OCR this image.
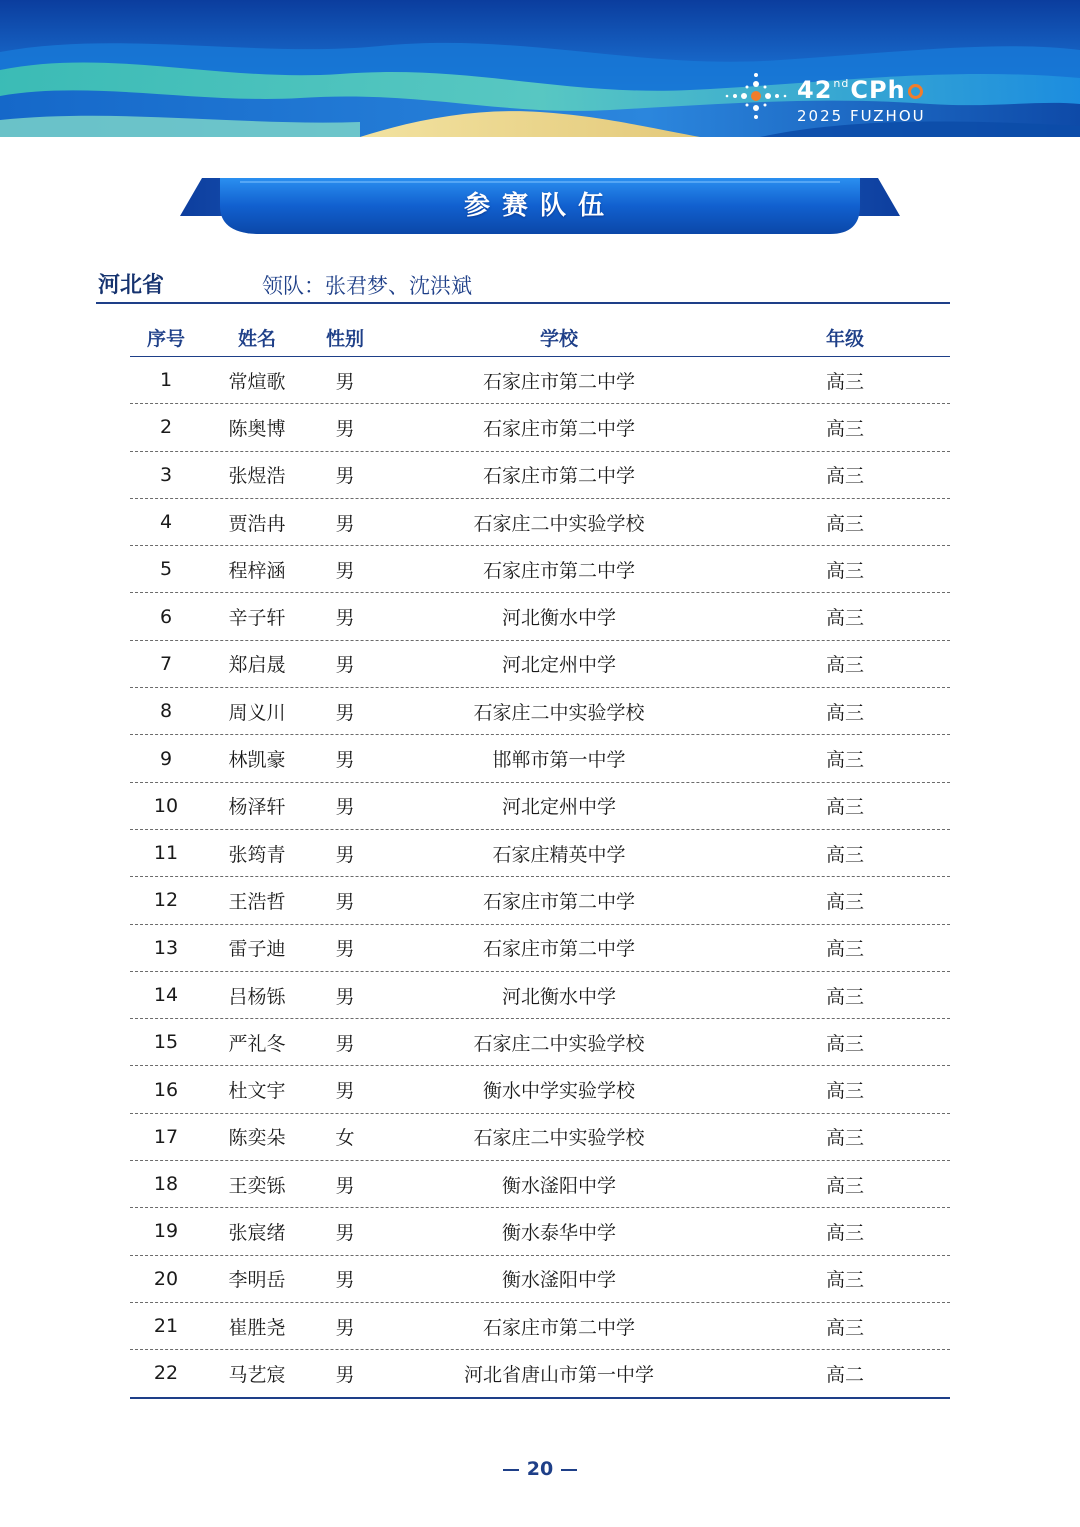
42ndCPh
2025 FUZHOU
参赛队伍
河北省	领队：张君梦、沈洪斌
序号	姓名	性别	学校	年级
1	常煊歌	男	石家庄市第二中学	高三
2	陈奥博	男	石家庄市第二中学	高三
3	张煜浩	男	石家庄市第二中学	高三
4	贾浩冉	男	石家庄二中实验学校	高三
5	程梓涵	男	石家庄市第二中学	高三
6	辛子轩	男	河北衡水中学	高三
7	郑启晟	男	河北定州中学	高三
8	周义川	男	石家庄二中实验学校	高三
9	林凯豪	男	邯郸市第一中学	高三
10	杨泽轩	男	河北定州中学	高三
11	张筠青	男	石家庄精英中学	高三
12	王浩哲	男	石家庄市第二中学	高三
13	雷子迪	男	石家庄市第二中学	高三
14	吕杨铄	男	河北衡水中学	高三
15	严礼冬	男	石家庄二中实验学校	高三
16	杜文宇	男	衡水中学实验学校	高三
17	陈奕朵	女	石家庄二中实验学校	高三
18	王奕铄	男	衡水滏阳中学	高三
19	张宸绪	男	衡水泰华中学	高三
20	李明岳	男	衡水滏阳中学	高三
21	崔胜尧	男	石家庄市第二中学	高三
22	马艺宸	男	河北省唐山市第一中学	高二
20
